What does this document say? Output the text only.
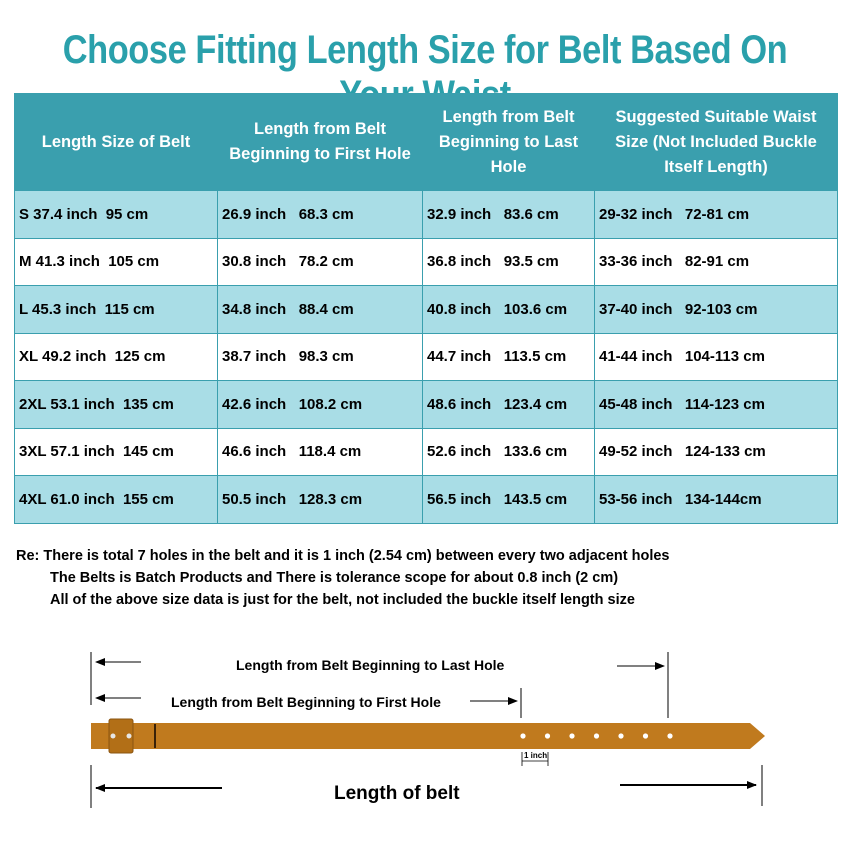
Choose Fitting Length Size for Belt Based On
Length Size of Belt	Length from Belt Beginning to First Hole	Length from Belt Beginning to Last Hole	Suggested Suitable Waist Size (Not Included Buckle Itself Length)
S 37.4 inch  95 cm	26.9 inch   68.3 cm	32.9 inch   83.6 cm	29-32 inch   72-81 cm
M 41.3 inch  105 cm	30.8 inch   78.2 cm	36.8 inch   93.5 cm	33-36 inch   82-91 cm
L 45.3 inch  115 cm	34.8 inch   88.4 cm	40.8 inch   103.6 cm	37-40 inch   92-103 cm
XL 49.2 inch  125 cm	38.7 inch   98.3 cm	44.7 inch   113.5 cm	41-44 inch   104-113 cm
2XL 53.1 inch  135 cm	42.6 inch   108.2 cm	48.6 inch   123.4 cm	45-48 inch   114-123 cm
3XL 57.1 inch  145 cm	46.6 inch   118.4 cm	52.6 inch   133.6 cm	49-52 inch   124-133 cm
4XL 61.0 inch  155 cm	50.5 inch   128.3 cm	56.5 inch   143.5 cm	53-56 inch   134-144cm
Re: There is total 7 holes in the belt and it is 1 inch (2.54 cm) between every two adjacent holes
The Belts is Batch Products and There is tolerance scope for about 0.8 inch (2 cm)
All of the above size data is just for the belt, not included the buckle itself length size
Length from Belt Beginning to Last Hole
Length from Belt Beginning to First Hole
1 inch
Length of belt
